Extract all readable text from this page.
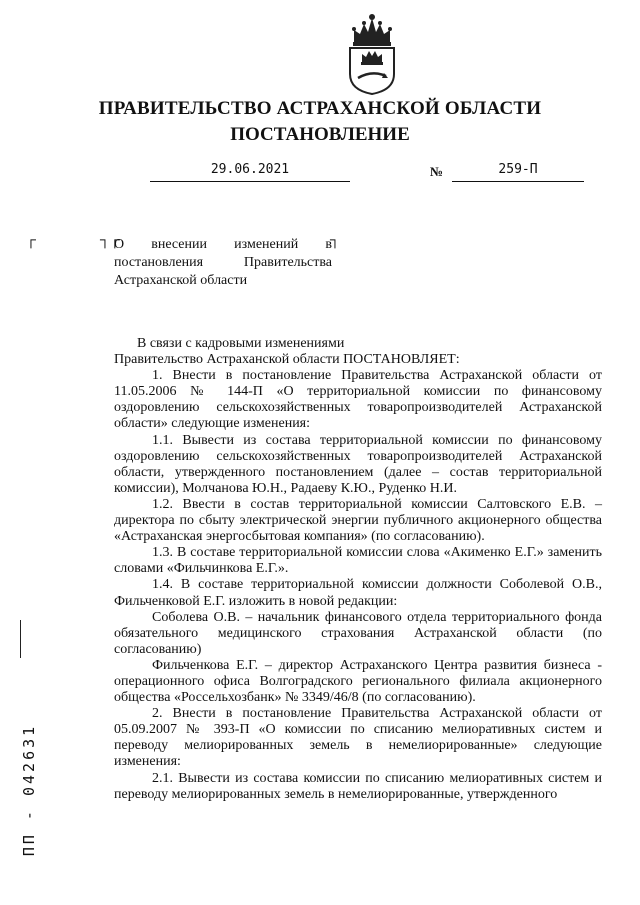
ПРАВИТЕЛЬСТВО АСТРАХАНСКОЙ ОБЛАСТИ
ПОСТАНОВЛЕНИЕ
29.06.2021	№	259-П
┌	┐┌	┐
О внесении изменений в постановления Правительства Астраханской области

В связи с кадровыми изменениями

Правительство Астраханской области ПОСТАНОВЛЯЕТ:

1. Внести в постановление Правительства Астраханской области от 11.05.2006 № 144-П «О территориальной комиссии по финансовому оздоровлению сельскохозяйственных товаропроизводителей Астраханской области» следующие изменения:

1.1. Вывести из состава территориальной комиссии по финансовому оздоровлению сельскохозяйственных товаропроизводителей Астраханской области, утвержденного постановлением (далее – состав территориальной комиссии), Молчанова Ю.Н., Радаеву К.Ю., Руденко Н.И.

1.2. Ввести в состав территориальной комиссии Салтовского Е.В. – директора по сбыту электрической энергии публичного акционерного общества «Астраханская энергосбытовая компания» (по согласованию).

1.3. В составе территориальной комиссии слова «Акименко Е.Г.» заменить словами «Фильчинкова Е.Г.».

1.4. В составе территориальной комиссии должности Соболевой О.В., Фильченковой Е.Г. изложить в новой редакции:

Соболева О.В. – начальник финансового отдела территориального фонда обязательного медицинского страхования Астраханской области (по согласованию)

Фильченкова Е.Г. – директор Астраханского Центра развития бизнеса - операционного офиса Волгоградского регионального филиала акционерного общества «Россельхозбанк» № 3349/46/8 (по согласованию).

2. Внести в постановление Правительства Астраханской области от 05.09.2007 № 393-П «О комиссии по списанию мелиоративных систем и переводу мелиорированных земель в немелиорированные» следующие изменения:

2.1. Вывести из состава комиссии по списанию мелиоративных систем и переводу мелиорированных земель в немелиорированные, утвержденного

ПП - 042631
